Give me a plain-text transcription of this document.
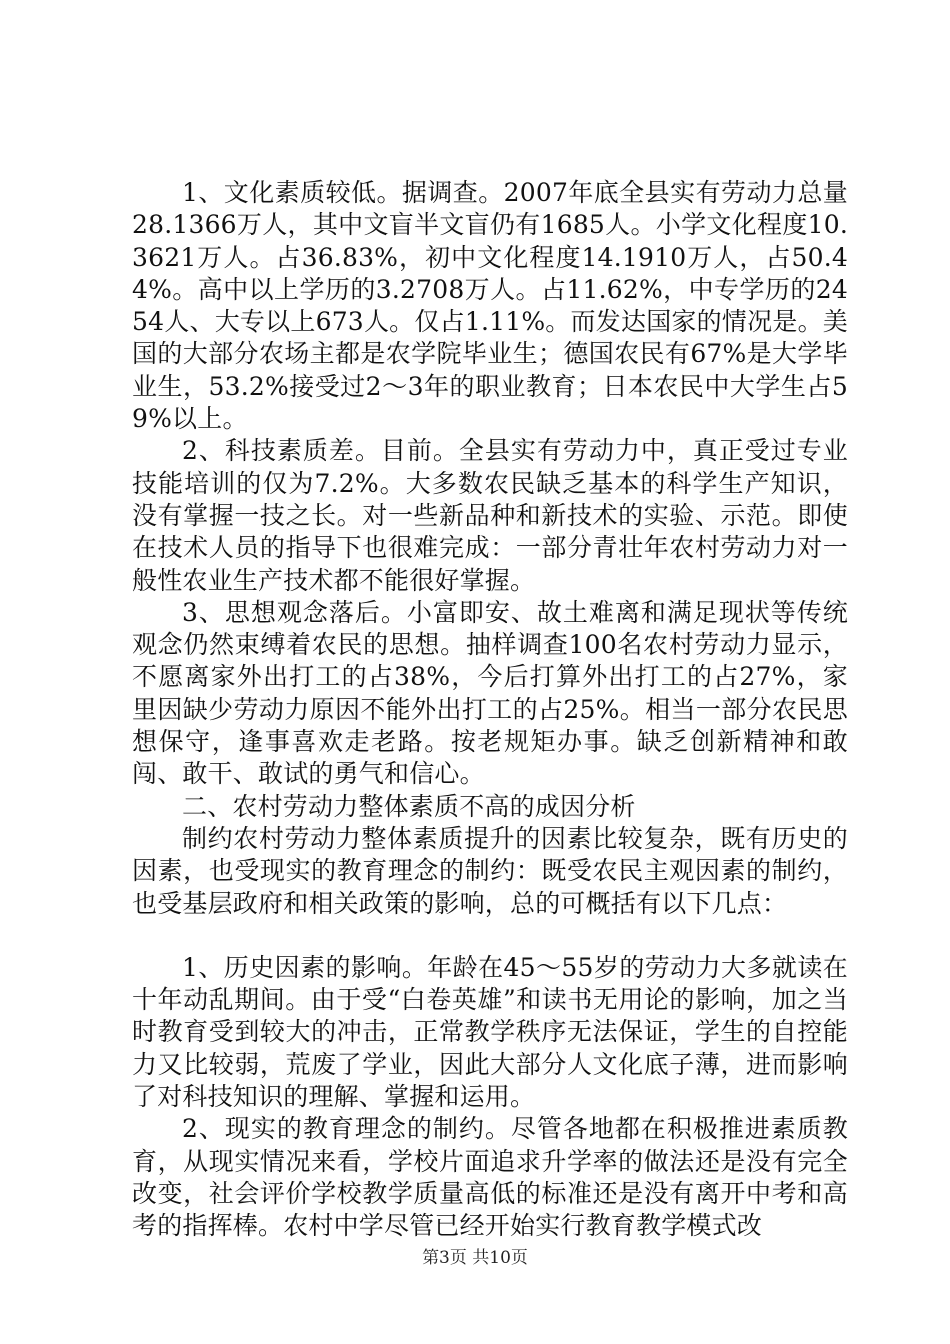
1、文化素质较低。据调查。2007年底全县实有劳动力总量28.1366万人，其中文盲半文盲仍有1685人。小学文化程度10.3621万人。占36.83%，初中文化程度14.1910万人，占50.44%。高中以上学历的3.2708万人。占11.62%，中专学历的2454人、大专以上673人。仅占1.11%。而发达国家的情况是。美国的大部分农场主都是农学院毕业生；德国农民有67%是大学毕业生，53.2%接受过2～3年的职业教育；日本农民中大学生占59%以上。

2、科技素质差。目前。全县实有劳动力中，真正受过专业技能培训的仅为7.2%。大多数农民缺乏基本的科学生产知识，没有掌握一技之长。对一些新品种和新技术的实验、示范。即使在技术人员的指导下也很难完成：一部分青壮年农村劳动力对一般性农业生产技术都不能很好掌握。

3、思想观念落后。小富即安、故土难离和满足现状等传统观念仍然束缚着农民的思想。抽样调查100名农村劳动力显示，不愿离家外出打工的占38%，今后打算外出打工的占27%，家里因缺少劳动力原因不能外出打工的占25%。相当一部分农民思想保守，逢事喜欢走老路。按老规矩办事。缺乏创新精神和敢闯、敢干、敢试的勇气和信心。

二、农村劳动力整体素质不高的成因分析

制约农村劳动力整体素质提升的因素比较复杂，既有历史的因素，也受现实的教育理念的制约：既受农民主观因素的制约，也受基层政府和相关政策的影响，总的可概括有以下几点：

1、历史因素的影响。年龄在45～55岁的劳动力大多就读在十年动乱期间。由于受“白卷英雄”和读书无用论的影响，加之当时教育受到较大的冲击，正常教学秩序无法保证，学生的自控能力又比较弱，荒废了学业，因此大部分人文化底子薄，进而影响了对科技知识的理解、掌握和运用。

2、现实的教育理念的制约。尽管各地都在积极推进素质教育，从现实情况来看，学校片面追求升学率的做法还是没有完全改变，社会评价学校教学质量高低的标准还是没有离开中考和高考的指挥棒。农村中学尽管已经开始实行教育教学模式改

第3页 共10页
